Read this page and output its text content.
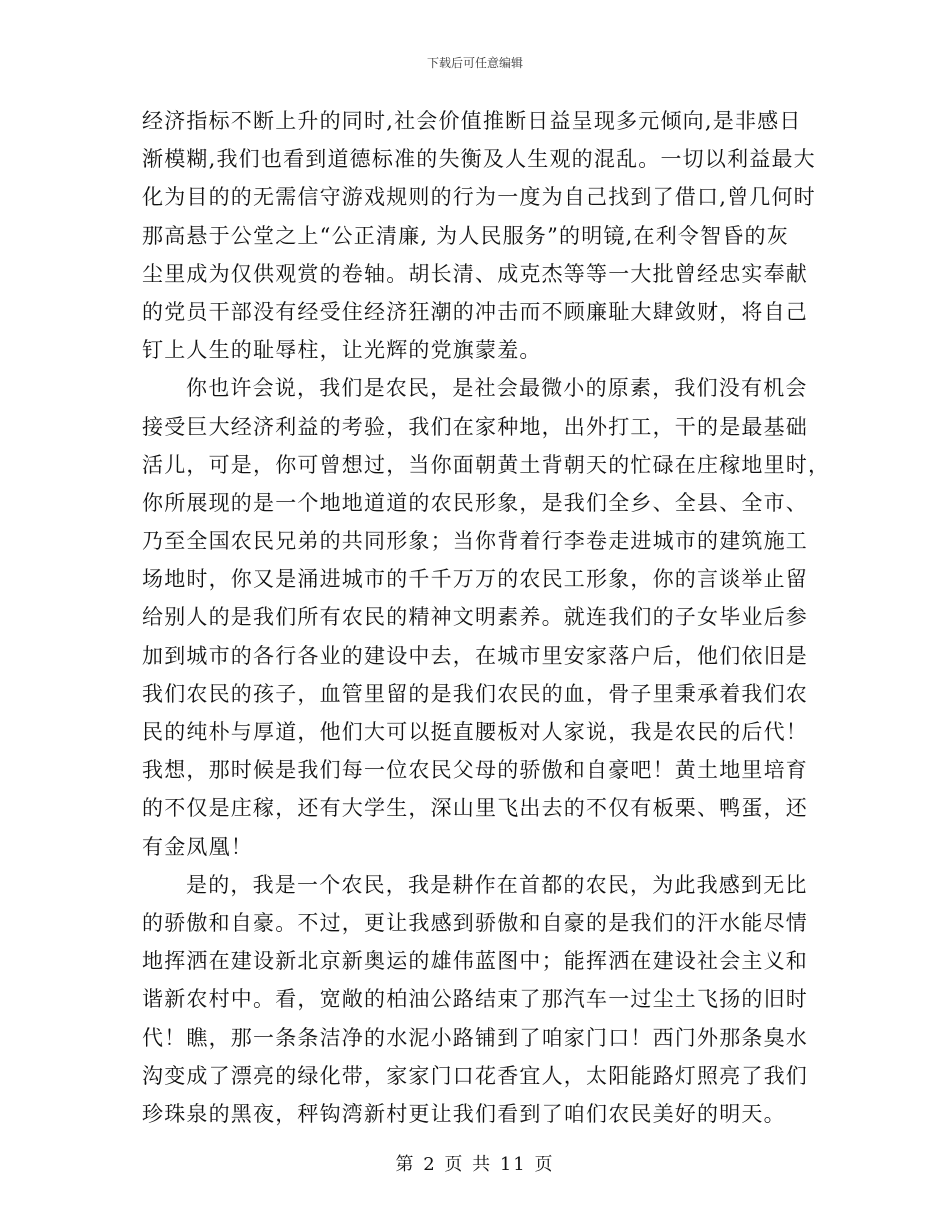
下载后可任意编辑
经济指标不断上升的同时,社会价值推断日益呈现多元倾向,是非感日
渐模糊,我们也看到道德标准的失衡及人生观的混乱。一切以利益最大
化为目的的无需信守游戏规则的行为一度为自己找到了借口,曾几何时
那高悬于公堂之上“公正清廉, 为人民服务”的明镜,在利令智昏的灰
尘里成为仅供观赏的卷轴。胡长清、成克杰等等一大批曾经忠实奉献
的党员干部没有经受住经济狂潮的冲击而不顾廉耻大肆敛财，将自己
钉上人生的耻辱柱，让光辉的党旗蒙羞。
你也许会说，我们是农民，是社会最微小的原素，我们没有机会
接受巨大经济利益的考验，我们在家种地，出外打工，干的是最基础
活儿，可是，你可曾想过，当你面朝黄土背朝天的忙碌在庄稼地里时，
你所展现的是一个地地道道的农民形象，是我们全乡、全县、全市、
乃至全国农民兄弟的共同形象；当你背着行李卷走进城市的建筑施工
场地时，你又是涌进城市的千千万万的农民工形象，你的言谈举止留
给别人的是我们所有农民的精神文明素养。就连我们的子女毕业后参
加到城市的各行各业的建设中去，在城市里安家落户后，他们依旧是
我们农民的孩子，血管里留的是我们农民的血，骨子里秉承着我们农
民的纯朴与厚道，他们大可以挺直腰板对人家说，我是农民的后代！
我想，那时候是我们每一位农民父母的骄傲和自豪吧！黄土地里培育
的不仅是庄稼，还有大学生，深山里飞出去的不仅有板栗、鸭蛋，还
有金凤凰！
是的，我是一个农民，我是耕作在首都的农民，为此我感到无比
的骄傲和自豪。不过，更让我感到骄傲和自豪的是我们的汗水能尽情
地挥洒在建设新北京新奥运的雄伟蓝图中；能挥洒在建设社会主义和
谐新农村中。看，宽敞的柏油公路结束了那汽车一过尘土飞扬的旧时
代！瞧，那一条条洁净的水泥小路铺到了咱家门口！西门外那条臭水
沟变成了漂亮的绿化带，家家门口花香宜人，太阳能路灯照亮了我们
珍珠泉的黑夜，秤钩湾新村更让我们看到了咱们农民美好的明天。
第 2 页 共 11 页
